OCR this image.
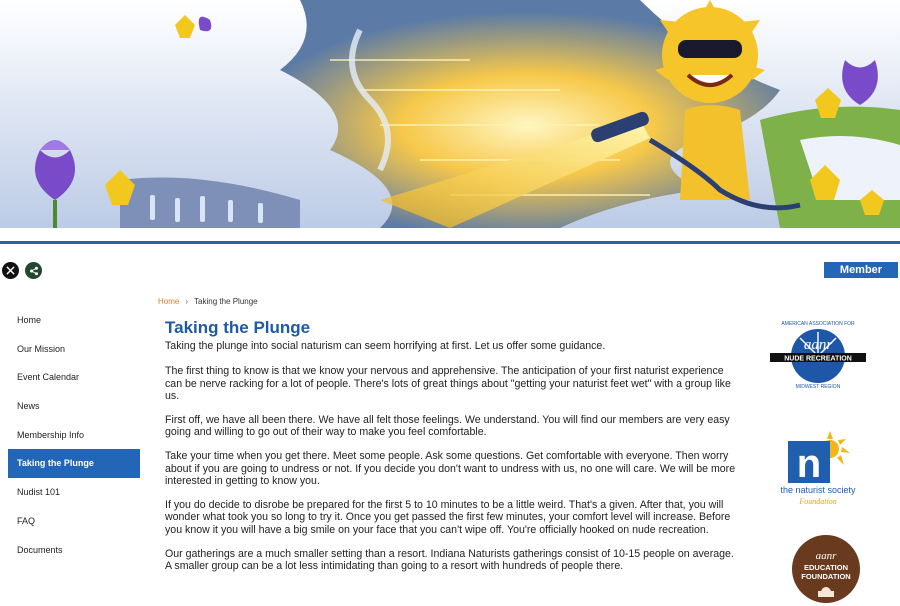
Member Login
Home
Our Mission
Event Calendar
News
Membership Info
Taking the Plunge
Nudist 101
FAQ
Documents
Home › Taking the Plunge
Taking the Plunge

Taking the plunge into social naturism can seem horrifying at first. Let us offer some guidance.

The first thing to know is that we know your nervous and apprehensive. The anticipation of your first naturist experience can be nerve racking for a lot of people. There's lots of great things about "getting your naturist feet wet" with a group like us.

First off, we have all been there. We have all felt those feelings. We understand. You will find our members are very easy going and willing to go out of their way to make you feel comfortable.

Take your time when you get there. Meet some people. Ask some questions. Get comfortable with everyone. Then worry about if you are going to undress or not. If you decide you don't want to undress with us, no one will care. We will be more interested in getting to know you.

If you do decide to disrobe be prepared for the first 5 to 10 minutes to be a little weird. That's a given. After that, you will wonder what took you so long to try it. Once you get passed the first few minutes, your comfort level will increase. Before you know it you will have a big smile on your face that you can't wipe off. You're officially hooked on nude recreation.

Our gatherings are a much smaller setting than a resort. Indiana Naturists gatherings consist of 10-15 people on average. A smaller group can be a lot less intimidating than going to a resort with hundreds of people there.

aanr
NUDE RECREATION
AMERICAN ASSOCIATION FOR
MIDWEST REGION
n
the naturist society
Foundation
aanr
EDUCATION
FOUNDATION
